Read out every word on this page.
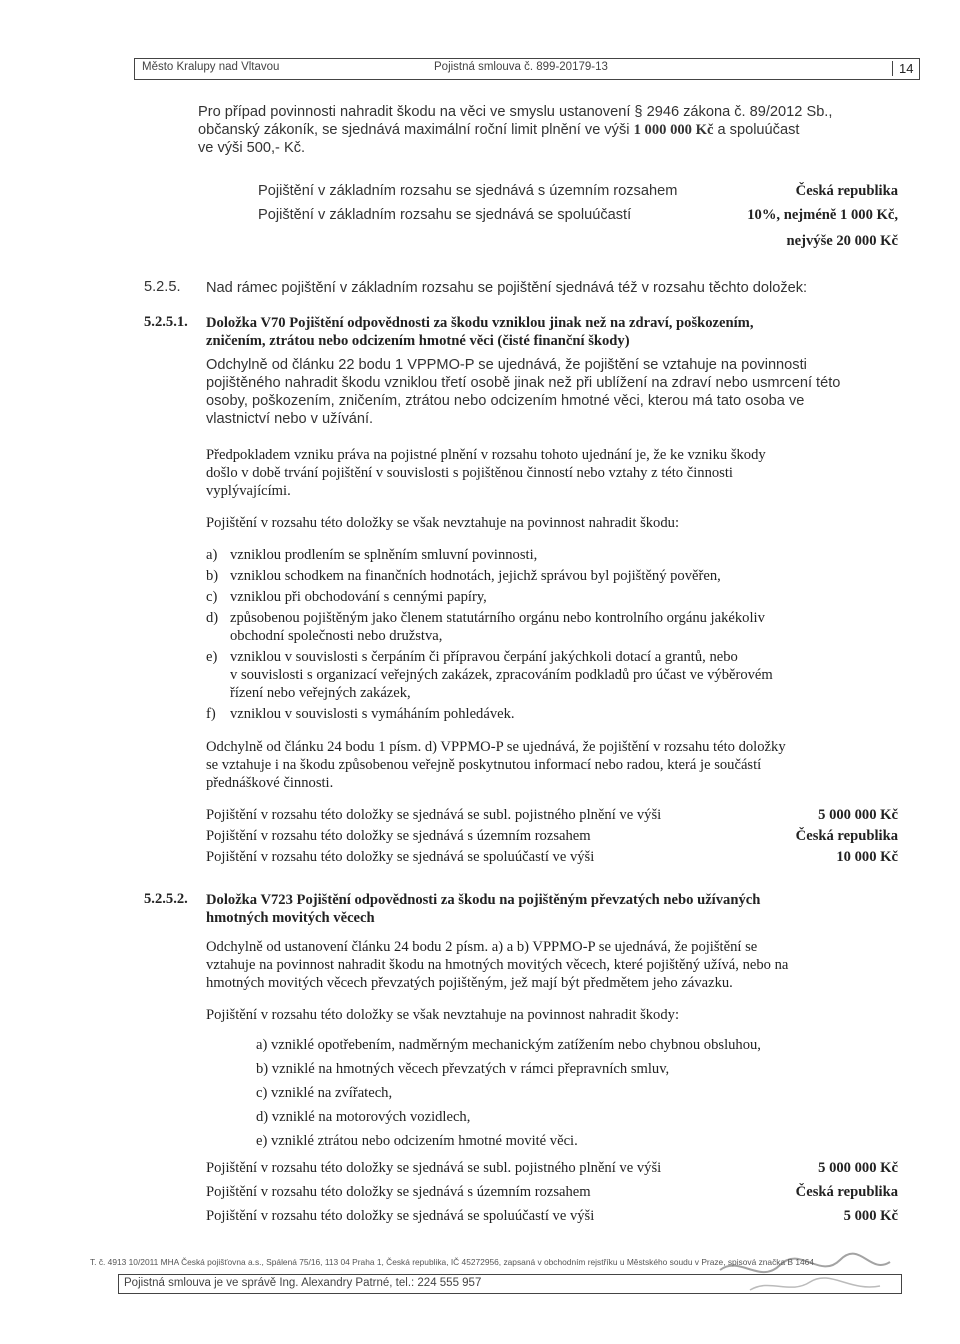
Město Kralupy nad Vltavou	Pojistná smlouva č. 899-20179-13	14
Pro případ povinnosti nahradit škodu na věci ve smyslu ustanovení § 2946 zákona č. 89/2012 Sb.,
občanský zákoník, se sjednává maximální roční limit plnění ve výši 1 000 000 Kč a spoluúčast
ve výši 500,- Kč.
Pojištění v základním rozsahu se sjednává s územním rozsahem	Česká republika
Pojištění v základním rozsahu se sjednává se spoluúčastí	10%, nejméně 1 000 Kč,
nejvýše 20 000 Kč
5.2.5. Nad rámec pojištění v základním rozsahu se pojištění sjednává též v rozsahu těchto doložek:
5.2.5.1. Doložka V70 Pojištění odpovědnosti za škodu vzniklou jinak než na zdraví, poškozením,
zničením, ztrátou nebo odcizením hmotné věci (čisté finanční škody)
Odchylně od článku 22 bodu 1 VPPMO-P se ujednává, že pojištění se vztahuje na povinnosti
pojištěného nahradit škodu vzniklou třetí osobě jinak než při ublížení na zdraví nebo usmrcení této
osoby, poškozením, zničením, ztrátou nebo odcizením hmotné věci, kterou má tato osoba ve
vlastnictví nebo v užívání.
Předpokladem vzniku práva na pojistné plnění v rozsahu tohoto ujednání je, že ke vzniku škody
došlo v době trvání pojištění v souvislosti s pojištěnou činností nebo vztahy z této činnosti
vyplývajícími.
Pojištění v rozsahu této doložky se však nevztahuje na povinnost nahradit škodu:
a) vzniklou prodlením se splněním smluvní povinnosti,
b) vzniklou schodkem na finančních hodnotách, jejichž správou byl pojištěný pověřen,
c) vzniklou při obchodování s cennými papíry,
d) způsobenou pojištěným jako členem statutárního orgánu nebo kontrolního orgánu jakékoliv
obchodní společnosti nebo družstva,
e) vzniklou v souvislosti s čerpáním či přípravou čerpání jakýchkoli dotací a grantů, nebo
v souvislosti s organizací veřejných zakázek, zpracováním podkladů pro účast ve výběrovém
řízení nebo veřejných zakázek,
f) vzniklou v souvislosti s vymáháním pohledávek.
Odchylně od článku 24 bodu 1 písm. d) VPPMO-P se ujednává, že pojištění v rozsahu této doložky
se vztahuje i na škodu způsobenou veřejně poskytnutou informací nebo radou, která je součástí
přednáškové činnosti.
Pojištění v rozsahu této doložky se sjednává se subl. pojistného plnění ve výši	5 000 000 Kč
Pojištění v rozsahu této doložky se sjednává s územním rozsahem	Česká republika
Pojištění v rozsahu této doložky se sjednává se spoluúčastí ve výši	10 000 Kč
5.2.5.2. Doložka V723 Pojištění odpovědnosti za škodu na pojištěným převzatých nebo užívaných
hmotných movitých věcech
Odchylně od ustanovení článku 24 bodu 2 písm. a) a b) VPPMO-P se ujednává, že pojištění se
vztahuje na povinnost nahradit škodu na hmotných movitých věcech, které pojištěný užívá, nebo na
hmotných movitých věcech převzatých pojištěným, jež mají být předmětem jeho závazku.
Pojištění v rozsahu této doložky se však nevztahuje na povinnost nahradit škody:
a) vzniklé opotřebením, nadměrným mechanickým zatížením nebo chybnou obsluhou,
b) vzniklé na hmotných věcech převzatých v rámci přepravních smluv,
c) vzniklé na zvířatech,
d) vzniklé na motorových vozidlech,
e) vzniklé ztrátou nebo odcizením hmotné movité věci.
Pojištění v rozsahu této doložky se sjednává se subl. pojistného plnění ve výši	5 000 000 Kč
Pojištění v rozsahu této doložky se sjednává s územním rozsahem	Česká republika
Pojištění v rozsahu této doložky se sjednává se spoluúčastí ve výši	5 000 Kč
T. č. 4913 10/2011 MHA Česká pojišťovna a.s., Spálená 75/16, 113 04 Praha 1, Česká republika, IČ 45272956, zapsaná v obchodním rejstříku u Městského soudu v Praze, spisová značka B 1464
Pojistná smlouva je ve správě Ing. Alexandry Patrné, tel.: 224 555 957
